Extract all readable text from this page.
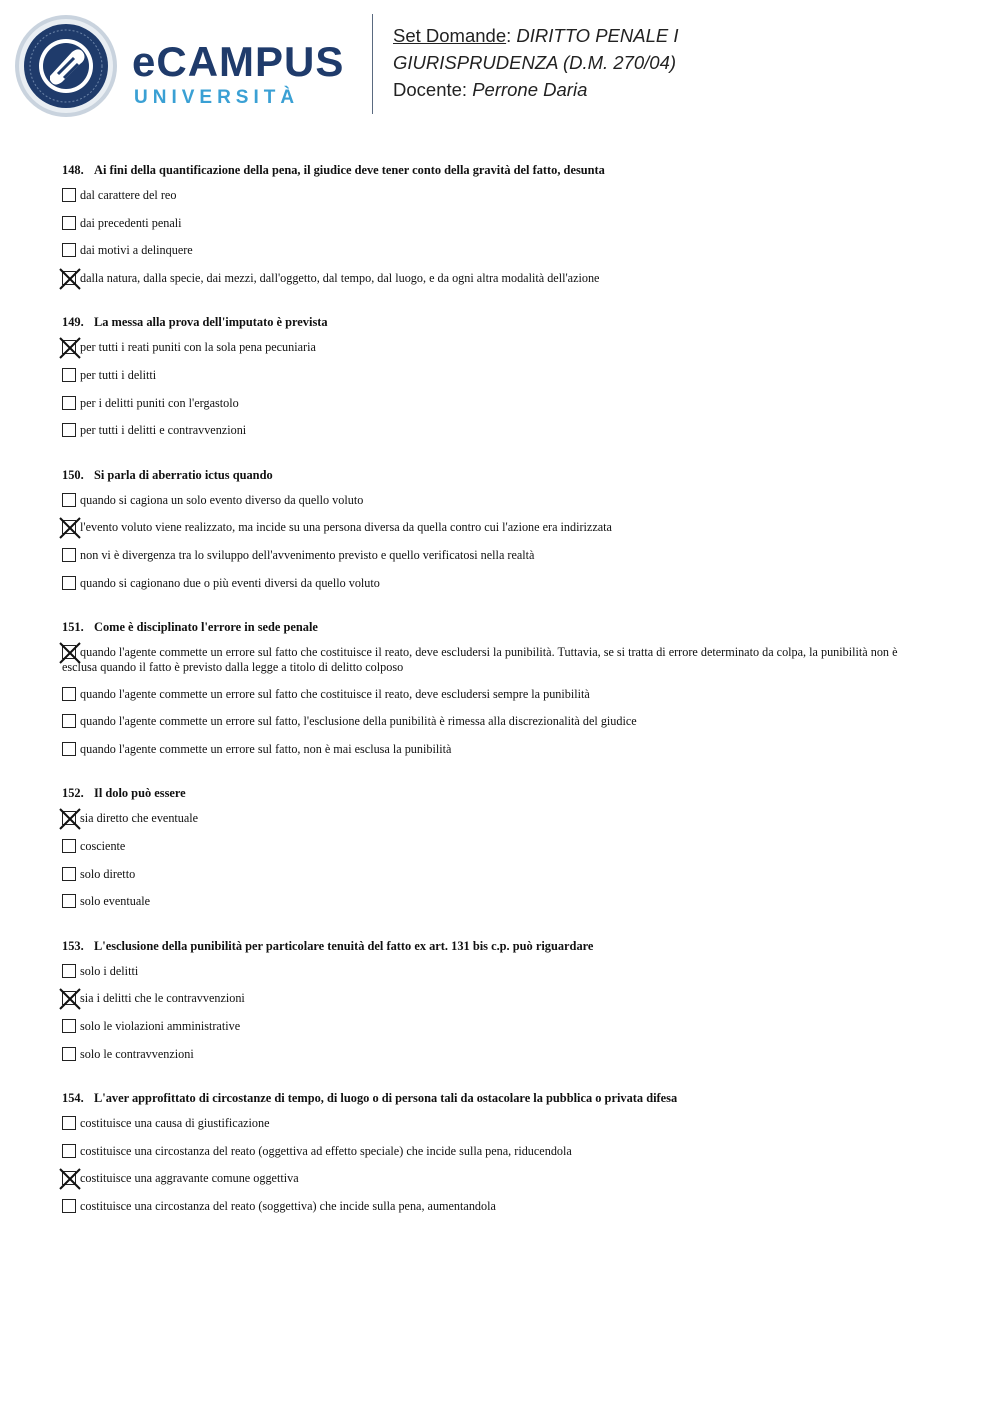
eCAMPUS
UNIVERSITÀ
Set Domande: DIRITTO PENALE I
GIURISPRUDENZA (D.M. 270/04)
Docente: Perrone Daria
148. Ai fini della quantificazione della pena, il giudice deve tener conto della gravità del fatto, desunta
dal carattere del reo
dai precedenti penali
dai motivi a delinquere
dalla natura, dalla specie, dai mezzi, dall'oggetto, dal tempo, dal luogo, e da ogni altra modalità dell'azione
149. La messa alla prova dell'imputato è prevista
per tutti i reati puniti con la sola pena pecuniaria
per tutti i delitti
per i delitti puniti con l'ergastolo
per tutti i delitti e contravvenzioni
150. Si parla di aberratio ictus quando
quando si cagiona un solo evento diverso da quello voluto
l'evento voluto viene realizzato, ma incide su una persona diversa da quella contro cui l'azione era indirizzata
non vi è divergenza tra lo sviluppo dell'avvenimento previsto e quello verificatosi nella realtà
quando si cagionano due o più eventi diversi da quello voluto
151. Come è disciplinato l'errore in sede penale
quando l'agente commette un errore sul fatto che costituisce il reato, deve escludersi la punibilità. Tuttavia, se si tratta di errore determinato da colpa, la punibilità non è
esclusa quando il fatto è previsto dalla legge a titolo di delitto colposo
quando l'agente commette un errore sul fatto che costituisce il reato, deve escludersi sempre la punibilità
quando l'agente commette un errore sul fatto, l'esclusione della punibilità è rimessa alla discrezionalità del giudice
quando l'agente commette un errore sul fatto, non è mai esclusa la punibilità
152. Il dolo può essere
sia diretto che eventuale
cosciente
solo diretto
solo eventuale
153. L'esclusione della punibilità per particolare tenuità del fatto ex art. 131 bis c.p. può riguardare
solo i delitti
sia i delitti che le contravvenzioni
solo le violazioni amministrative
solo le contravvenzioni
154. L'aver approfittato di circostanze di tempo, di luogo o di persona tali da ostacolare la pubblica o privata difesa
costituisce una causa di giustificazione
costituisce una circostanza del reato (oggettiva ad effetto speciale) che incide sulla pena, riducendola
costituisce una aggravante comune oggettiva
costituisce una circostanza del reato (soggettiva) che incide sulla pena, aumentandola
